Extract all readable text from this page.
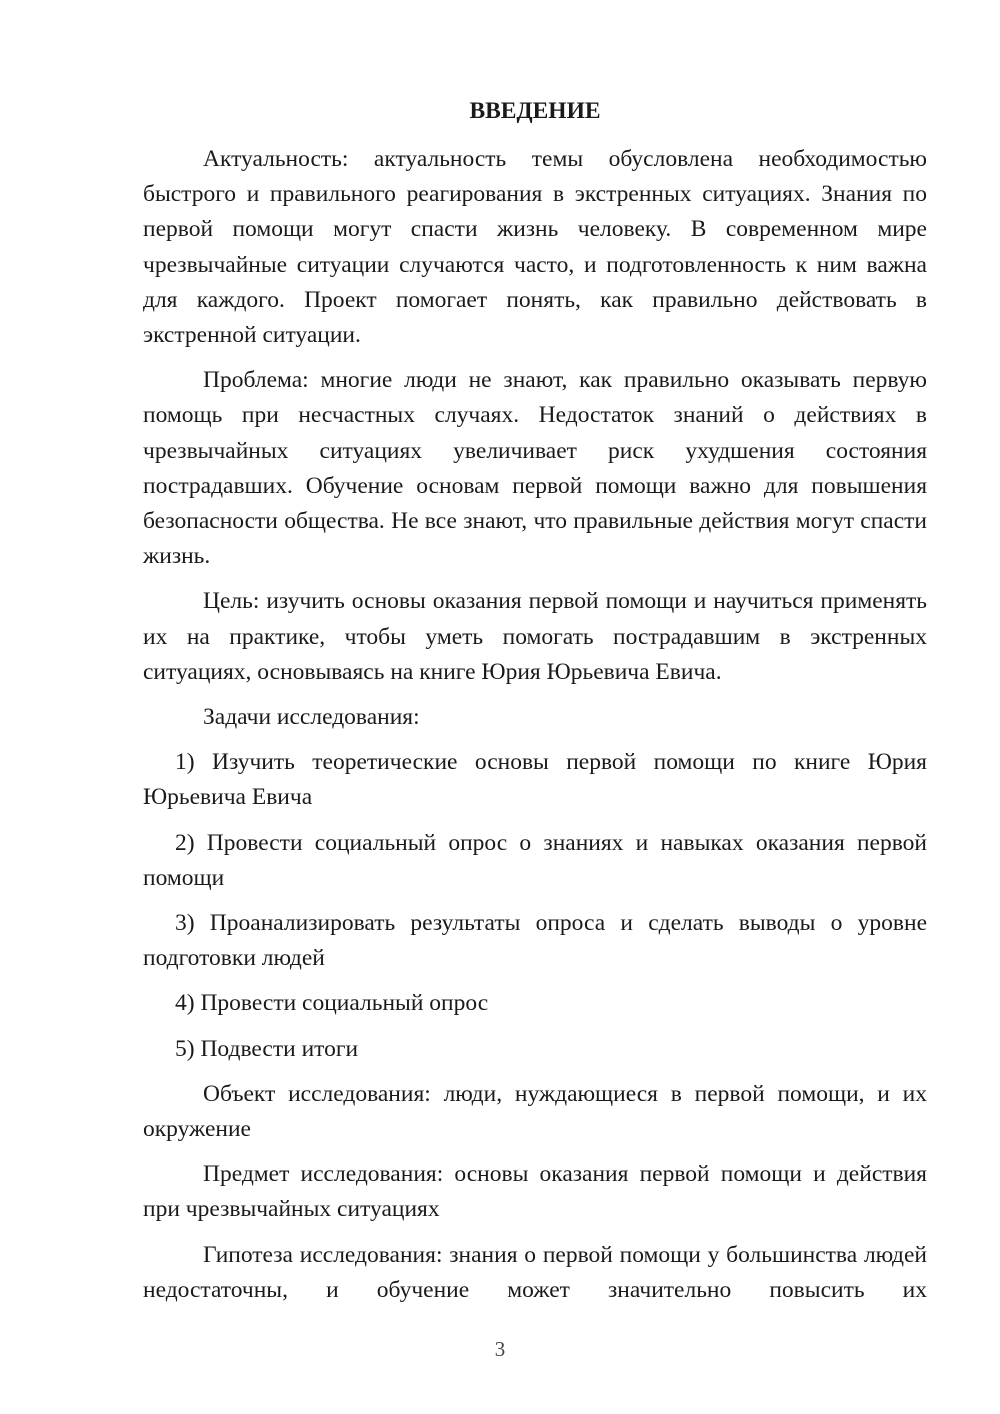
ВВЕДЕНИЕ

Актуальность: актуальность темы обусловлена необходимостью быстрого и правильного реагирования в экстренных ситуациях. Знания по первой помощи могут спасти жизнь человеку. В современном мире чрезвычайные ситуации случаются часто, и подготовленность к ним важна для каждого. Проект помогает понять, как правильно действовать в экстренной ситуации.

Проблема: многие люди не знают, как правильно оказывать первую помощь при несчастных случаях. Недостаток знаний о действиях в чрезвычайных ситуациях увеличивает риск ухудшения состояния пострадавших. Обучение основам первой помощи важно для повышения безопасности общества. Не все знают, что правильные действия могут спасти жизнь.

Цель: изучить основы оказания первой помощи и научиться применять их на практике, чтобы уметь помогать пострадавшим в экстренных ситуациях, основываясь на книге Юрия Юрьевича Евича.

Задачи исследования:

1) Изучить теоретические основы первой помощи по книге Юрия Юрьевича Евича

2) Провести социальный опрос о знаниях и навыках оказания первой помощи

3) Проанализировать результаты опроса и сделать выводы о уровне подготовки людей

4) Провести социальный опрос

5) Подвести итоги

Объект исследования: люди, нуждающиеся в первой помощи, и их окружение

Предмет исследования: основы оказания первой помощи и действия при чрезвычайных ситуациях

Гипотеза исследования: знания о первой помощи у большинства людей недостаточны, и обучение может значительно повысить их

3
